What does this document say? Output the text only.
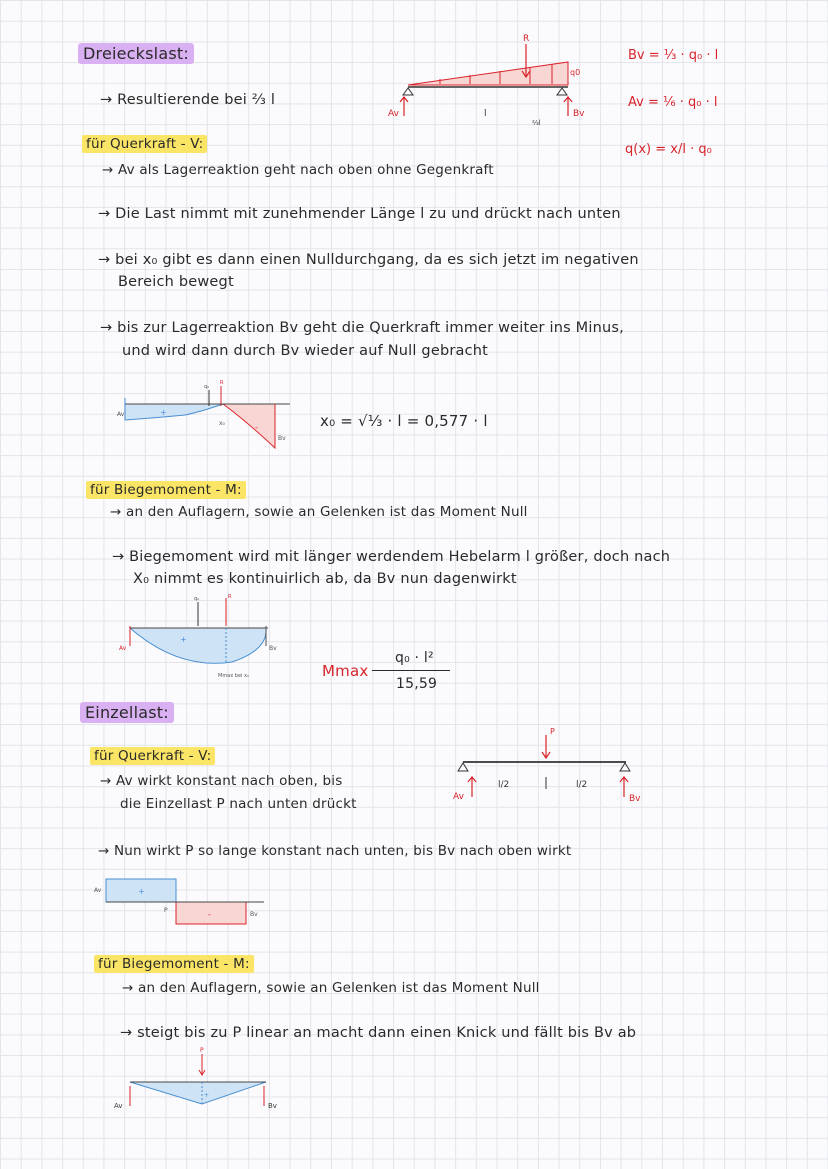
Dreieckslast:
→ Resultierende bei ⅔ l
Bv = ⅓ · q₀ · l
Av = ⅙ · q₀ · l
q(x) = x/l · q₀
R
q0
Av	Bv
l
⅔l
für Querkraft - V:
→ Av als Lagerreaktion geht nach oben ohne Gegenkraft
→ Die Last nimmt mit zunehmender Länge l zu und drückt nach unten
→ bei x₀ gibt es dann einen Nulldurchgang, da es sich jetzt im negativen
Bereich bewegt
→ bis zur Lagerreaktion Bv geht die Querkraft immer weiter ins Minus,
und wird dann durch Bv wieder auf Null gebracht
Av
Bv
x₀
+
-
q₀
R
x₀ = √⅓ · l = 0,577 · l
für Biegemoment - M:
→ an den Auflagern, sowie an Gelenken ist das Moment Null
→ Biegemoment wird mit länger werdendem Hebelarm l größer, doch nach
X₀ nimmt es kontinuirlich ab, da Bv nun dagenwirkt
q₀	R
Av	Bv
+
Mmax bei x₀	Mmax
q₀ · l²
15,59
Einzellast:
für Querkraft - V:
→ Av wirkt konstant nach oben, bis
die Einzellast P nach unten drückt
P
l/2	l/2
Av	Bv
→ Nun wirkt P so lange konstant nach unten, bis Bv nach oben wirkt
Av
Bv
P
+
-
für Biegemoment - M:
→ an den Auflagern, sowie an Gelenken ist das Moment Null
→ steigt bis zu P linear an macht dann einen Knick und fällt bis Bv ab
P
Av	Bv
+
